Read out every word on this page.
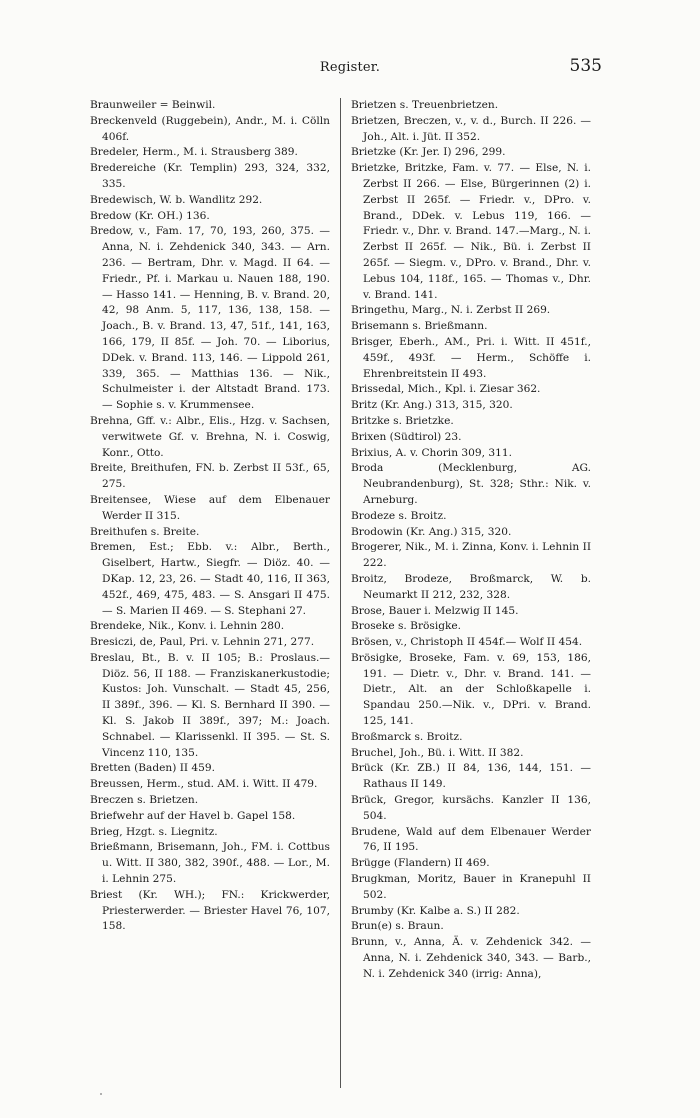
Register.	535
Braunweiler = Beinwil.
Breckenveld (Ruggebein), Andr., M. i. Cölln 406f.
Bredeler, Herm., M. i. Strausberg 389.
Bredereiche (Kr. Templin) 293, 324, 332, 335.
Bredewisch, W. b. Wandlitz 292.
Bredow (Kr. OH.) 136.
Bredow, v., Fam. 17, 70, 193, 260, 375. — Anna, N. i. Zehdenick 340, 343. — Arn. 236. — Bertram, Dhr. v. Magd. II 64. — Friedr., Pf. i. Markau u. Nauen 188, 190. — Hasso 141. — Henning, B. v. Brand. 20, 42, 98 Anm. 5, 117, 136, 138, 158. — Joach., B. v. Brand. 13, 47, 51f., 141, 163, 166, 179, II 85f. — Joh. 70. — Liborius, DDek. v. Brand. 113, 146. — Lippold 261, 339, 365. — Matthias 136. — Nik., Schulmeister i. der Altstadt Brand. 173. — Sophie s. v. Krummensee.
Brehna, Gff. v.: Albr., Elis., Hzg. v. Sachsen, verwitwete Gf. v. Brehna, N. i. Coswig, Konr., Otto.
Breite, Breithufen, FN. b. Zerbst II 53f., 65, 275.
Breitensee, Wiese auf dem Elbenauer Werder II 315.
Breithufen s. Breite.
Bremen, Est.; Ebb. v.: Albr., Berth., Giselbert, Hartw., Siegfr. — Diöz. 40. — DKap. 12, 23, 26. — Stadt 40, 116, II 363, 452f., 469, 475, 483. — S. Ansgari II 475. — S. Marien II 469. — S. Stephani 27.
Brendeke, Nik., Konv. i. Lehnin 280.
Bresiczi, de, Paul, Pri. v. Lehnin 271, 277.
Breslau, Bt., B. v. II 105; B.: Proslaus.— Diöz. 56, II 188. — Franziskanerkustodie; Kustos: Joh. Vunschalt. — Stadt 45, 256, II 389f., 396. — Kl. S. Bernhard II 390. — Kl. S. Jakob II 389f., 397; M.: Joach. Schnabel. — Klarissenkl. II 395. — St. S. Vincenz 110, 135.
Bretten (Baden) II 459.
Breussen, Herm., stud. AM. i. Witt. II 479.
Breczen s. Brietzen.
Briefwehr auf der Havel b. Gapel 158.
Brieg, Hzgt. s. Liegnitz.
Brießmann, Brisemann, Joh., FM. i. Cottbus u. Witt. II 380, 382, 390f., 488. — Lor., M. i. Lehnin 275.
Briest (Kr. WH.); FN.: Krickwerder, Priesterwerder. — Briester Havel 76, 107, 158.
Brietzen s. Treuenbrietzen.
Brietzen, Breczen, v., v. d., Burch. II 226. — Joh., Alt. i. Jüt. II 352.
Brietzke (Kr. Jer. I) 296, 299.
Brietzke, Britzke, Fam. v. 77. — Else, N. i. Zerbst II 266. — Else, Bürgerinnen (2) i. Zerbst II 265f. — Friedr. v., DPro. v. Brand., DDek. v. Lebus 119, 166. — Friedr. v., Dhr. v. Brand. 147.—Marg., N. i. Zerbst II 265f. — Nik., Bü. i. Zerbst II 265f. — Siegm. v., DPro. v. Brand., Dhr. v. Lebus 104, 118f., 165. — Thomas v., Dhr. v. Brand. 141.
Bringethu, Marg., N. i. Zerbst II 269.
Brisemann s. Brießmann.
Brisger, Eberh., AM., Pri. i. Witt. II 451f., 459f., 493f. — Herm., Schöffe i. Ehrenbreitstein II 493.
Brissedal, Mich., Kpl. i. Ziesar 362.
Britz (Kr. Ang.) 313, 315, 320.
Britzke s. Brietzke.
Brixen (Südtirol) 23.
Brixius, A. v. Chorin 309, 311.
Broda (Mecklenburg, AG. Neubrandenburg), St. 328; Sthr.: Nik. v. Arneburg.
Brodeze s. Broitz.
Brodowin (Kr. Ang.) 315, 320.
Brogerer, Nik., M. i. Zinna, Konv. i. Lehnin II 222.
Broitz, Brodeze, Broßmarck, W. b. Neumarkt II 212, 232, 328.
Brose, Bauer i. Melzwig II 145.
Broseke s. Brösigke.
Brösen, v., Christoph II 454f.— Wolf II 454.
Brösigke, Broseke, Fam. v. 69, 153, 186, 191. — Dietr. v., Dhr. v. Brand. 141. — Dietr., Alt. an der Schloßkapelle i. Spandau 250.—Nik. v., DPri. v. Brand. 125, 141.
Broßmarck s. Broitz.
Bruchel, Joh., Bü. i. Witt. II 382.
Brück (Kr. ZB.) II 84, 136, 144, 151. — Rathaus II 149.
Brück, Gregor, kursächs. Kanzler II 136, 504.
Brudene, Wald auf dem Elbenauer Werder 76, II 195.
Brügge (Flandern) II 469.
Brugkman, Moritz, Bauer in Kranepuhl II 502.
Brumby (Kr. Kalbe a. S.) II 282.
Brun(e) s. Braun.
Brunn, v., Anna, Ä. v. Zehdenick 342. — Anna, N. i. Zehdenick 340, 343. — Barb., N. i. Zehdenick 340 (irrig: Anna),
